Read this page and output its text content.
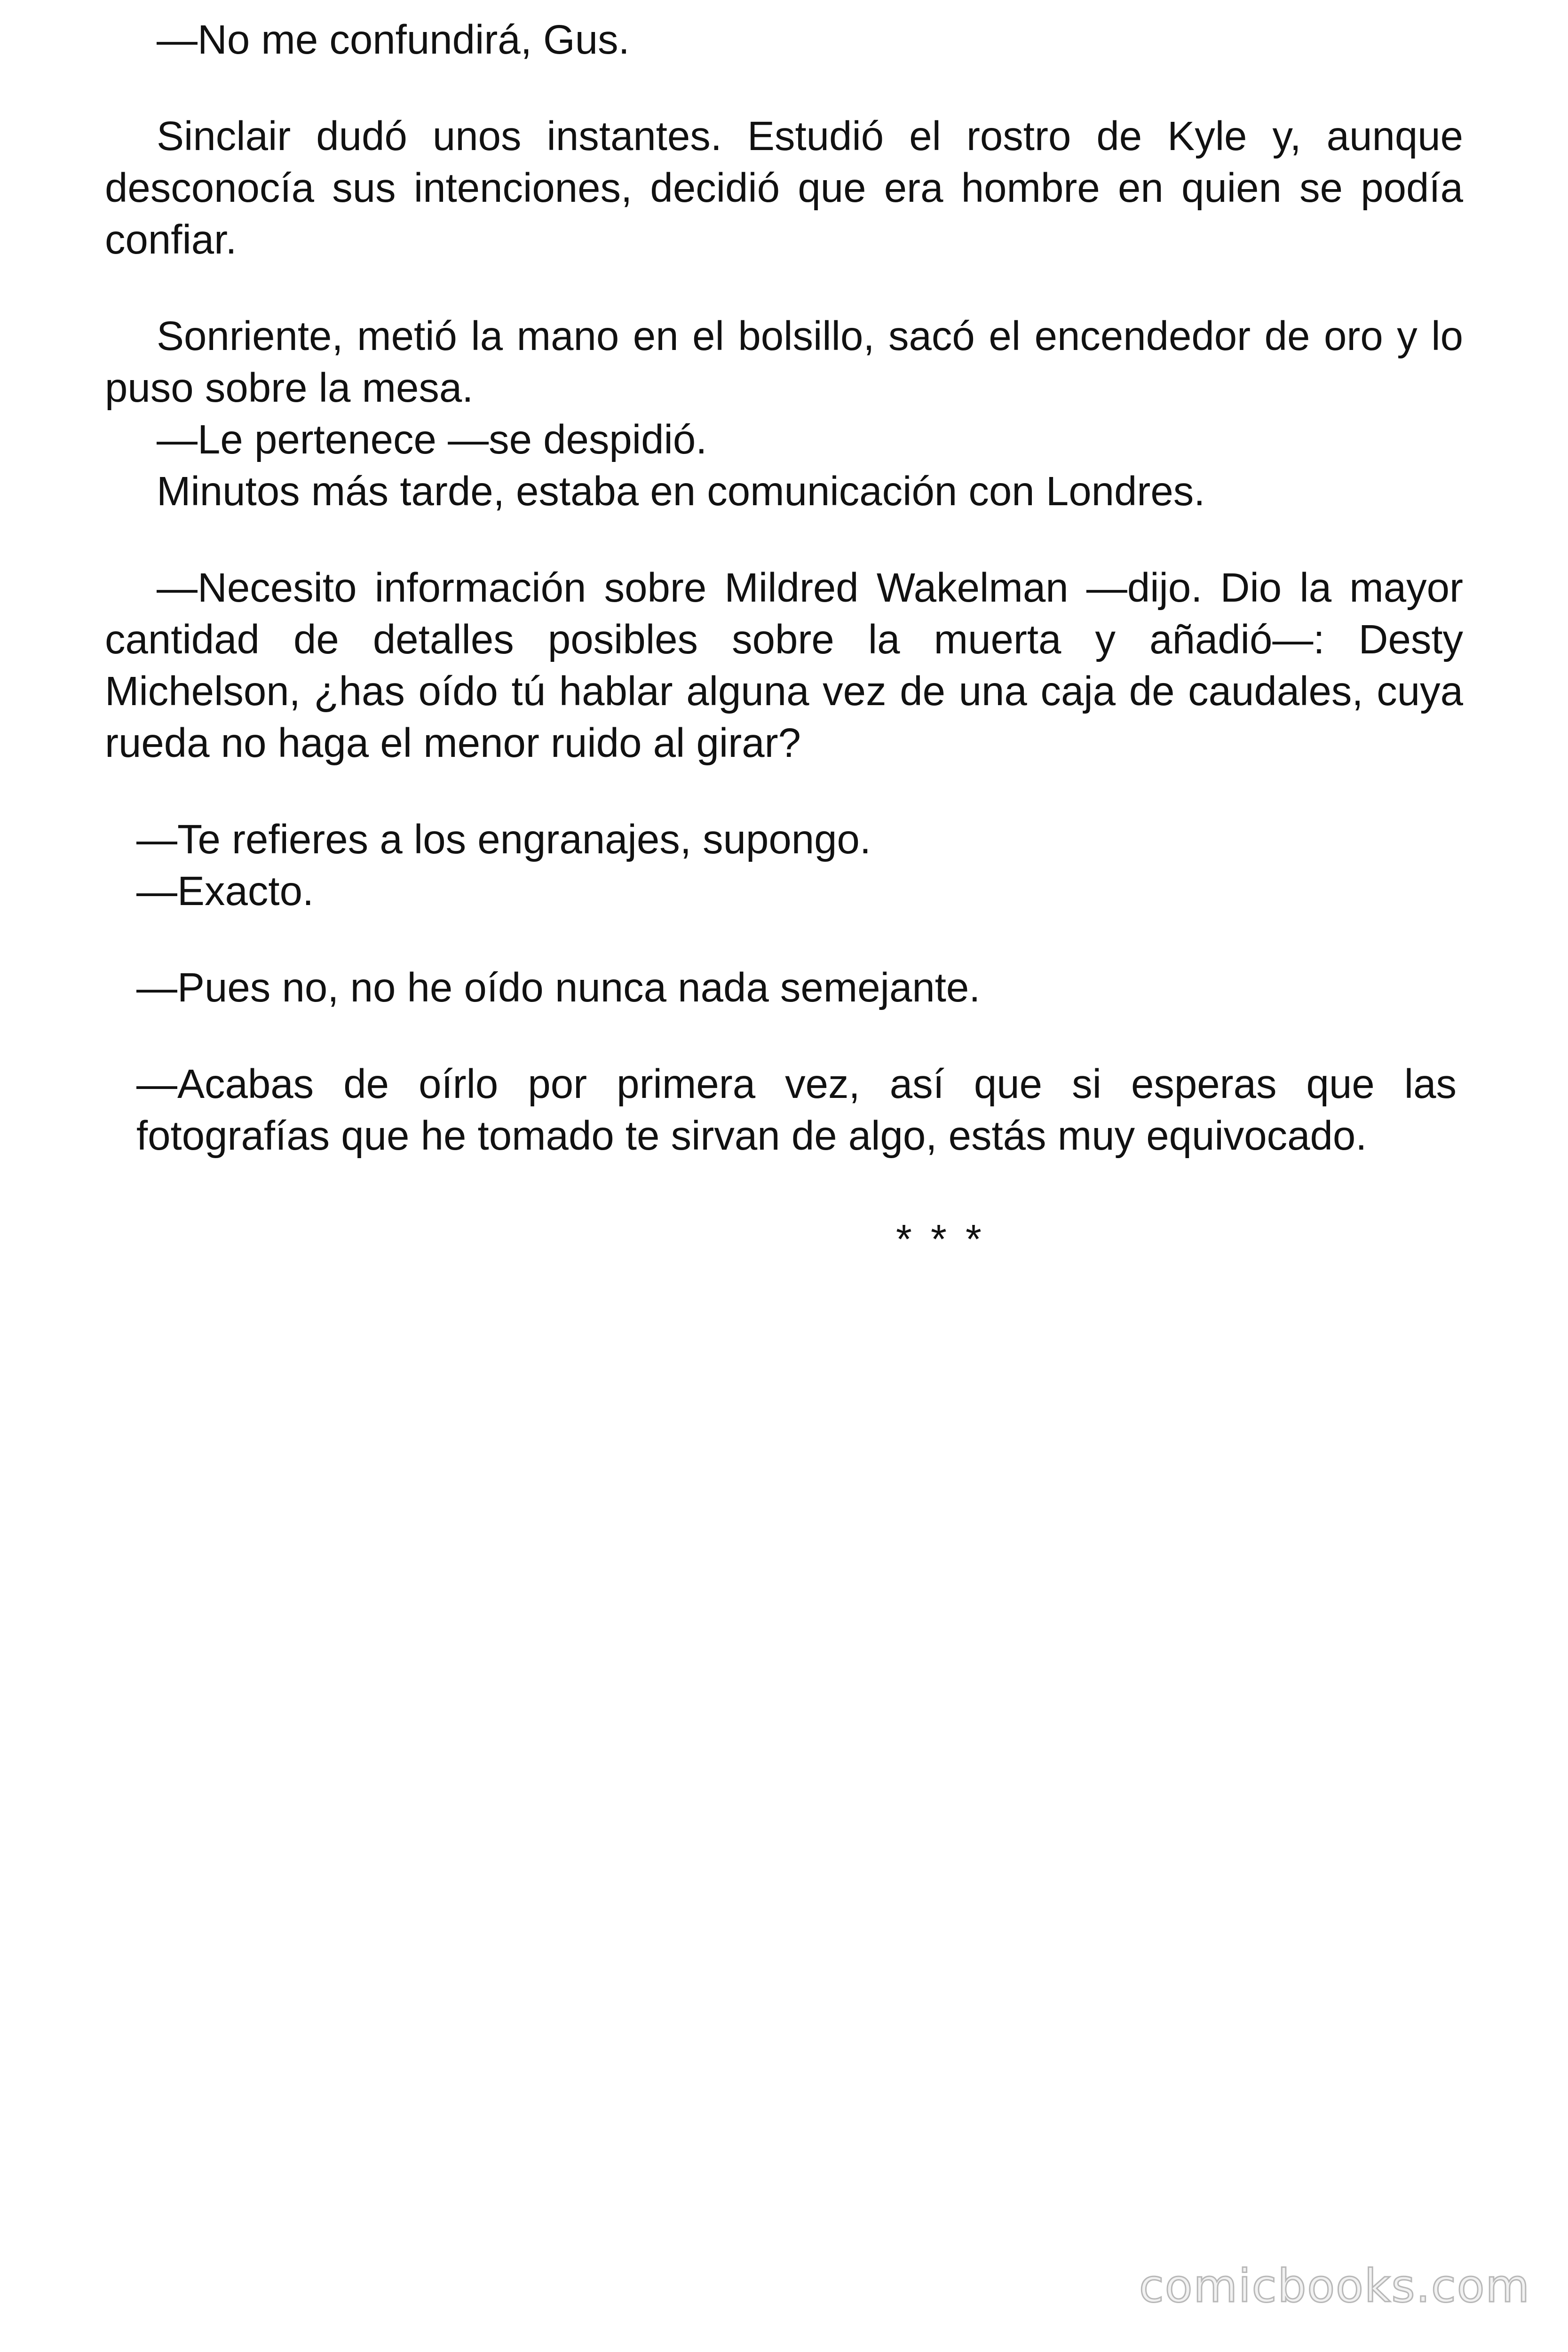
—No me confundirá, Gus.

Sinclair dudó unos instantes. Estudió el rostro de Kyle y, aunque desconocía sus intenciones, decidió que era hombre en quien se podía confiar.

Sonriente, metió la mano en el bolsillo, sacó el encendedor de oro y lo puso sobre la mesa.

—Le pertenece —se despidió.

Minutos más tarde, estaba en comunicación con Londres.

—Necesito información sobre Mildred Wakelman —dijo. Dio la mayor cantidad de detalles posibles sobre la muerta y añadió—: Desty Michelson, ¿has oído tú hablar alguna vez de una caja de caudales, cuya rueda no haga el menor ruido al girar?

—Te refieres a los engranajes, supongo.

—Exacto.

—Pues no, no he oído nunca nada semejante.

—Acabas de oírlo por primera vez, así que si esperas que las fotografías que he tomado te sirvan de algo, estás muy equivocado.

* * *
comicbooks.com
